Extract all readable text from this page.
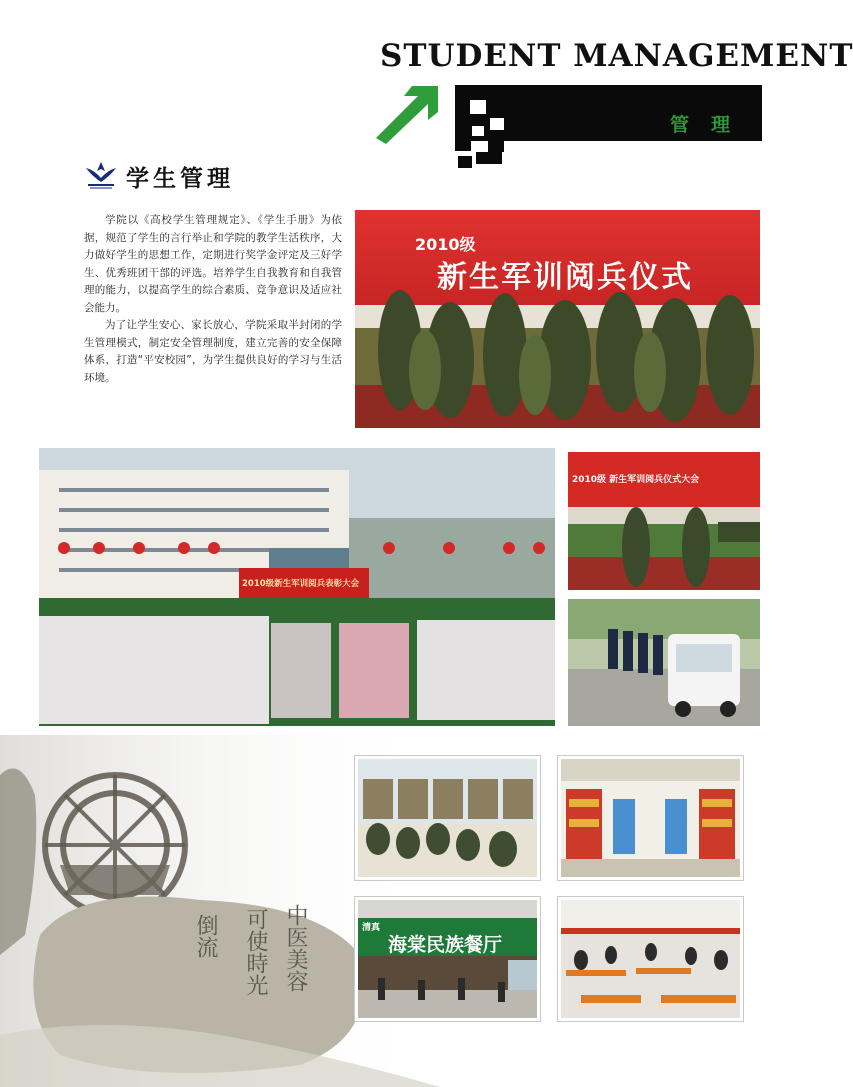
STUDENT MANAGEMENT
管理
学生管理

学院以《高校学生管理规定》、《学生手册》为依据，规范了学生的言行举止和学院的教学生活秩序，大力做好学生的思想工作，定期进行奖学金评定及三好学生、优秀班团干部的评选。培养学生自我教育和自我管理的能力，以提高学生的综合素质、竞争意识及适应社会能力。

为了让学生安心、家长放心，学院采取半封闭的学生管理模式，制定安全管理制度，建立完善的安全保障体系，打造“平安校园”，为学生提供良好的学习与生活环境。

2010级
新生军训阅兵仪式
2010级新生军训阅兵表彰大会
2010级 新生军训阅兵仪式大会
倒流	可使時光 中医美容	清真
海棠民族餐厅
